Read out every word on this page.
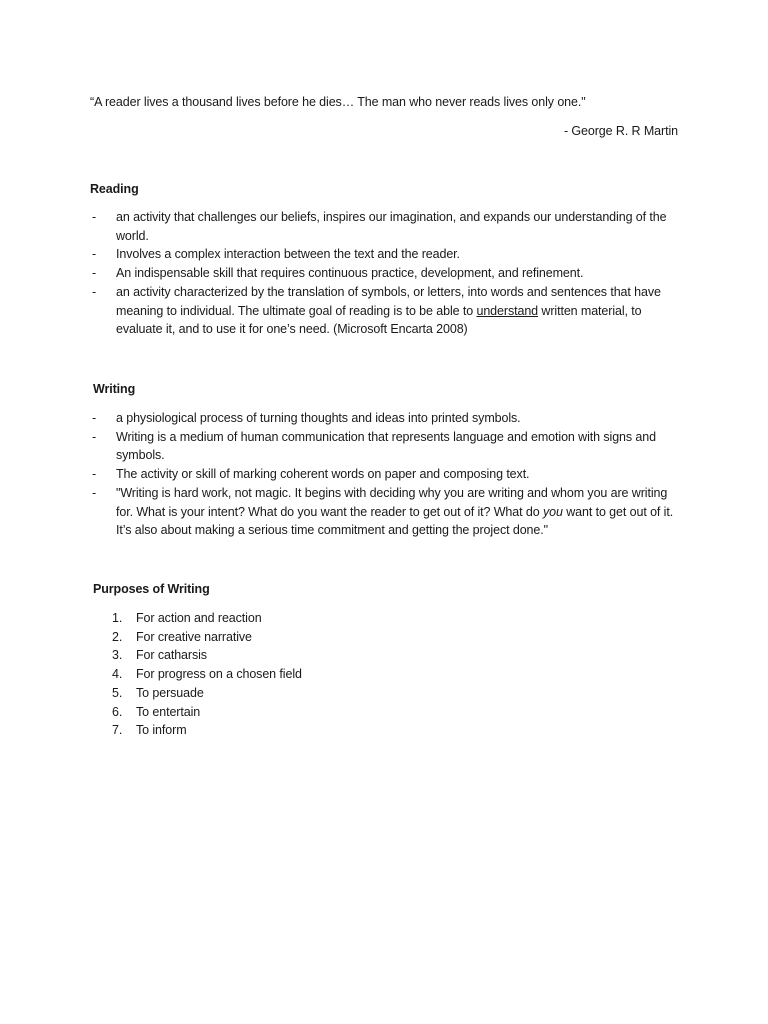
“A reader lives a thousand lives before he dies… The man who never reads lives only one."
- George R. R Martin
Reading
- an activity that challenges our beliefs, inspires our imagination, and expands our understanding of the world.
- Involves a complex interaction between the text and the reader.
- An indispensable skill that requires continuous practice, development, and refinement.
- an activity characterized by the translation of symbols, or letters, into words and sentences that have meaning to individual. The ultimate goal of reading is to be able to understand written material, to evaluate it, and to use it for one’s need. (Microsoft Encarta 2008)
Writing
- a physiological process of turning thoughts and ideas into printed symbols.
- Writing is a medium of human communication that represents language and emotion with signs and symbols.
- The activity or skill of marking coherent words on paper and composing text.
- "Writing is hard work, not magic. It begins with deciding why you are writing and whom you are writing for. What is your intent? What do you want the reader to get out of it? What do you want to get out of it. It’s also about making a serious time commitment and getting the project done."
Purposes of Writing
1. For action and reaction
2. For creative narrative
3. For catharsis
4. For progress on a chosen field
5. To persuade
6. To entertain
7. To inform
